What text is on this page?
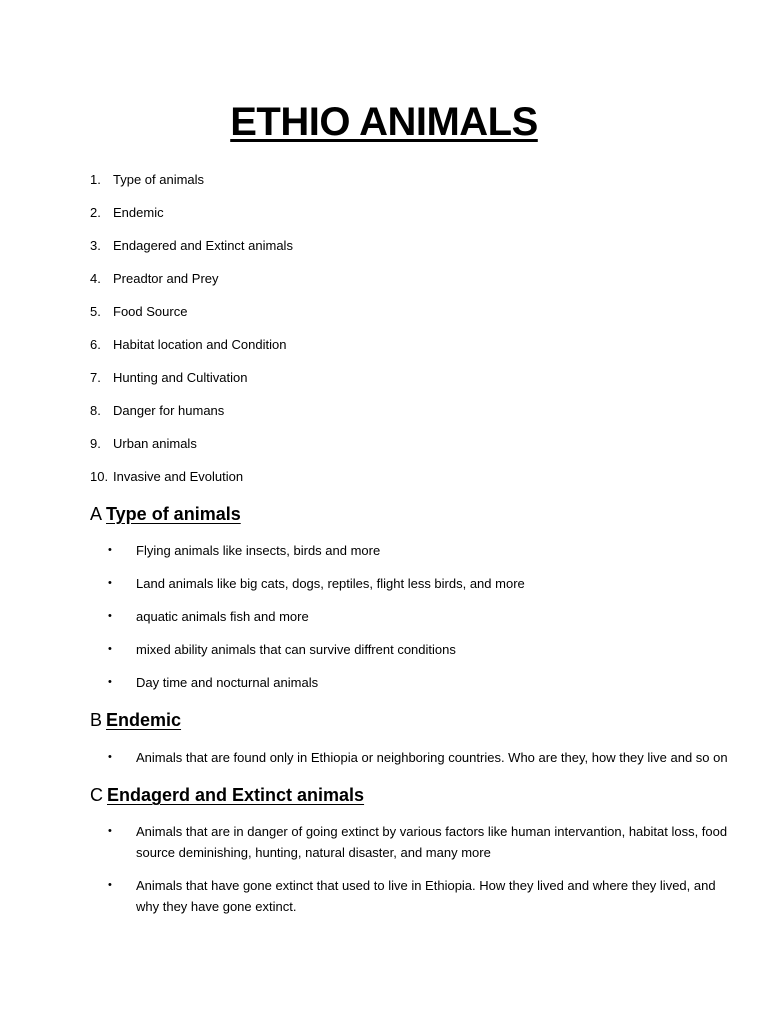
ETHIO ANIMALS
1. Type of animals
2. Endemic
3. Endagered and Extinct animals
4. Preadtor and Prey
5. Food Source
6. Habitat location and Condition
7. Hunting and Cultivation
8. Danger for humans
9. Urban animals
10. Invasive and Evolution
A Type of animals
•	Flying animals like insects, birds and more
•	Land animals like big cats, dogs, reptiles, flight less birds, and more
•	aquatic animals fish and more
•	mixed ability animals that can survive diffrent conditions
•	Day time and nocturnal animals
B Endemic
•	Animals that are found only in Ethiopia or neighboring countries. Who are they, how they live and so on
C Endagerd and Extinct animals
•	Animals that are in danger of going extinct by various factors like human intervantion, habitat loss, food source deminishing, hunting, natural disaster, and many more
•	Animals that have gone extinct that used to live in Ethiopia. How they lived and where they lived, and why they have gone extinct.
